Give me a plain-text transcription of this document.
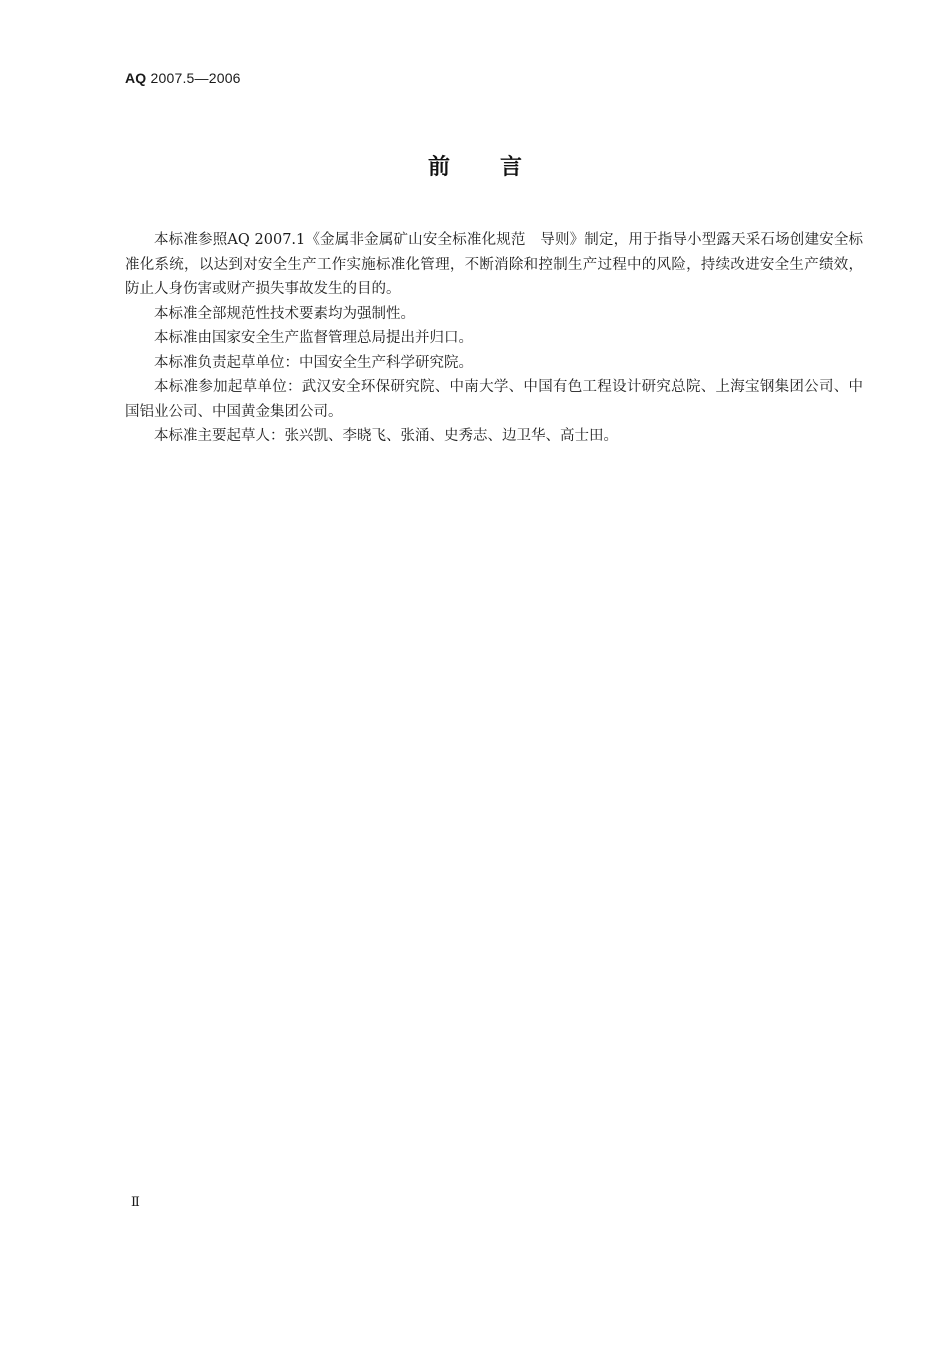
AQ 2007.5—2006
前言

本标准参照AQ 2007.1《金属非金属矿山安全标准化规范　导则》制定，用于指导小型露天采石场创建安全标准化系统，以达到对安全生产工作实施标准化管理，不断消除和控制生产过程中的风险，持续改进安全生产绩效，防止人身伤害或财产损失事故发生的目的。

本标准全部规范性技术要素均为强制性。

本标准由国家安全生产监督管理总局提出并归口。

本标准负责起草单位：中国安全生产科学研究院。

本标准参加起草单位：武汉安全环保研究院、中南大学、中国有色工程设计研究总院、上海宝钢集团公司、中国铝业公司、中国黄金集团公司。

本标准主要起草人：张兴凯、李晓飞、张涌、史秀志、边卫华、高士田。

Ⅱ
